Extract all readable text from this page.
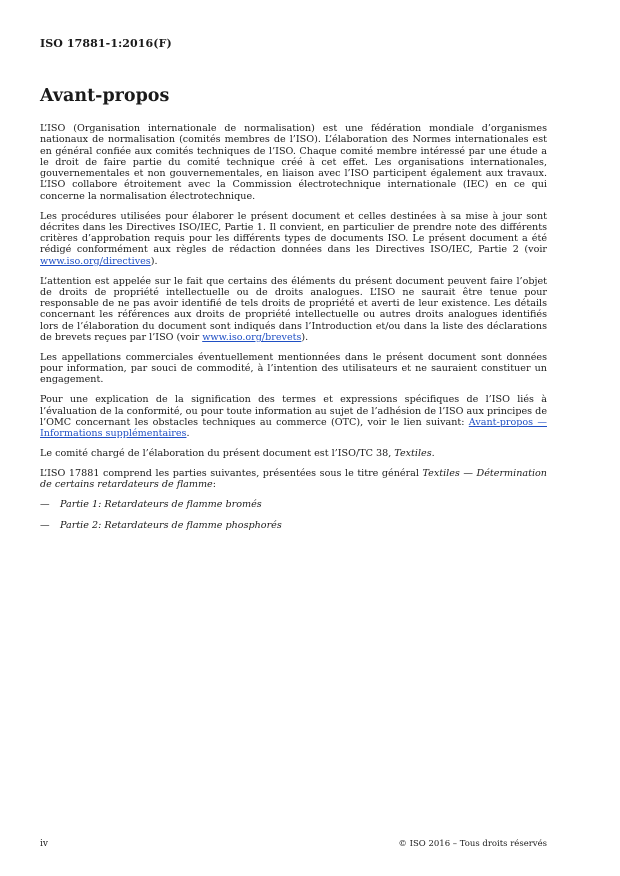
ISO 17881-1:2016(F)
Avant-propos

L’ISO (Organisation internationale de normalisation) est une fédération mondiale d’organismes nationaux de normalisation (comités membres de l’ISO). L’élaboration des Normes internationales est en général confiée aux comités techniques de l’ISO. Chaque comité membre intéressé par une étude a le droit de faire partie du comité technique créé à cet effet. Les organisations internationales, gouvernementales et non gouvernementales, en liaison avec l’ISO participent également aux travaux. L’ISO collabore étroitement avec la Commission électrotechnique internationale (IEC) en ce qui concerne la normalisation électrotechnique.

Les procédures utilisées pour élaborer le présent document et celles destinées à sa mise à jour sont décrites dans les Directives ISO/IEC, Partie 1. Il convient, en particulier de prendre note des différents critères d’approbation requis pour les différents types de documents ISO. Le présent document a été rédigé conformément aux règles de rédaction données dans les Directives ISO/IEC, Partie 2 (voir www.iso.org/directives).

L’attention est appelée sur le fait que certains des éléments du présent document peuvent faire l’objet de droits de propriété intellectuelle ou de droits analogues. L’ISO ne saurait être tenue pour responsable de ne pas avoir identifié de tels droits de propriété et averti de leur existence. Les détails concernant les références aux droits de propriété intellectuelle ou autres droits analogues identifiés lors de l’élaboration du document sont indiqués dans l’Introduction et/ou dans la liste des déclarations de brevets reçues par l’ISO (voir www.iso.org/brevets).

Les appellations commerciales éventuellement mentionnées dans le présent document sont données pour information, par souci de commodité, à l’intention des utilisateurs et ne sauraient constituer un engagement.

Pour une explication de la signification des termes et expressions spécifiques de l’ISO liés à l’évaluation de la conformité, ou pour toute information au sujet de l’adhésion de l’ISO aux principes de l’OMC concernant les obstacles techniques au commerce (OTC), voir le lien suivant: Avant-propos — Informations supplémentaires.

Le comité chargé de l’élaboration du présent document est l’ISO/TC 38, Textiles.

L’ISO 17881 comprend les parties suivantes, présentées sous le titre général Textiles — Détermination de certains retardateurs de flamme:

—	Partie 1: Retardateurs de flamme bromés
—	Partie 2: Retardateurs de flamme phosphorés
iv	© ISO 2016 – Tous droits réservés
